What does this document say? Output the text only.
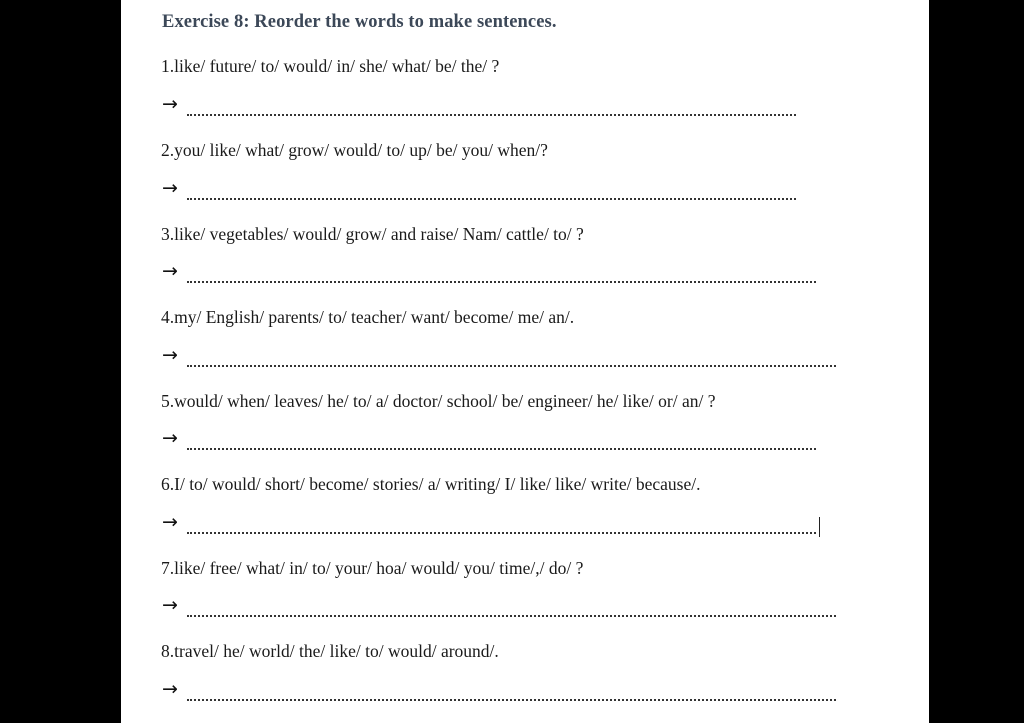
Exercise 8: Reorder the words to make sentences.
1.like/ future/ to/ would/ in/ she/ what/ be/ the/ ?
→
2.you/ like/ what/ grow/ would/ to/ up/ be/ you/ when/?
→
3.like/ vegetables/ would/ grow/ and raise/ Nam/ cattle/ to/ ?
→
4.my/ English/ parents/ to/ teacher/ want/ become/ me/ an/.
→
5.would/ when/ leaves/ he/ to/ a/ doctor/ school/ be/ engineer/ he/ like/ or/ an/ ?
→
6.I/ to/ would/ short/ become/ stories/ a/ writing/ I/ like/ like/ write/ because/.
→
7.like/ free/ what/ in/ to/ your/ hoa/ would/ you/ time/,/ do/ ?
→
8.travel/ he/ world/ the/ like/ to/ would/ around/.
→
